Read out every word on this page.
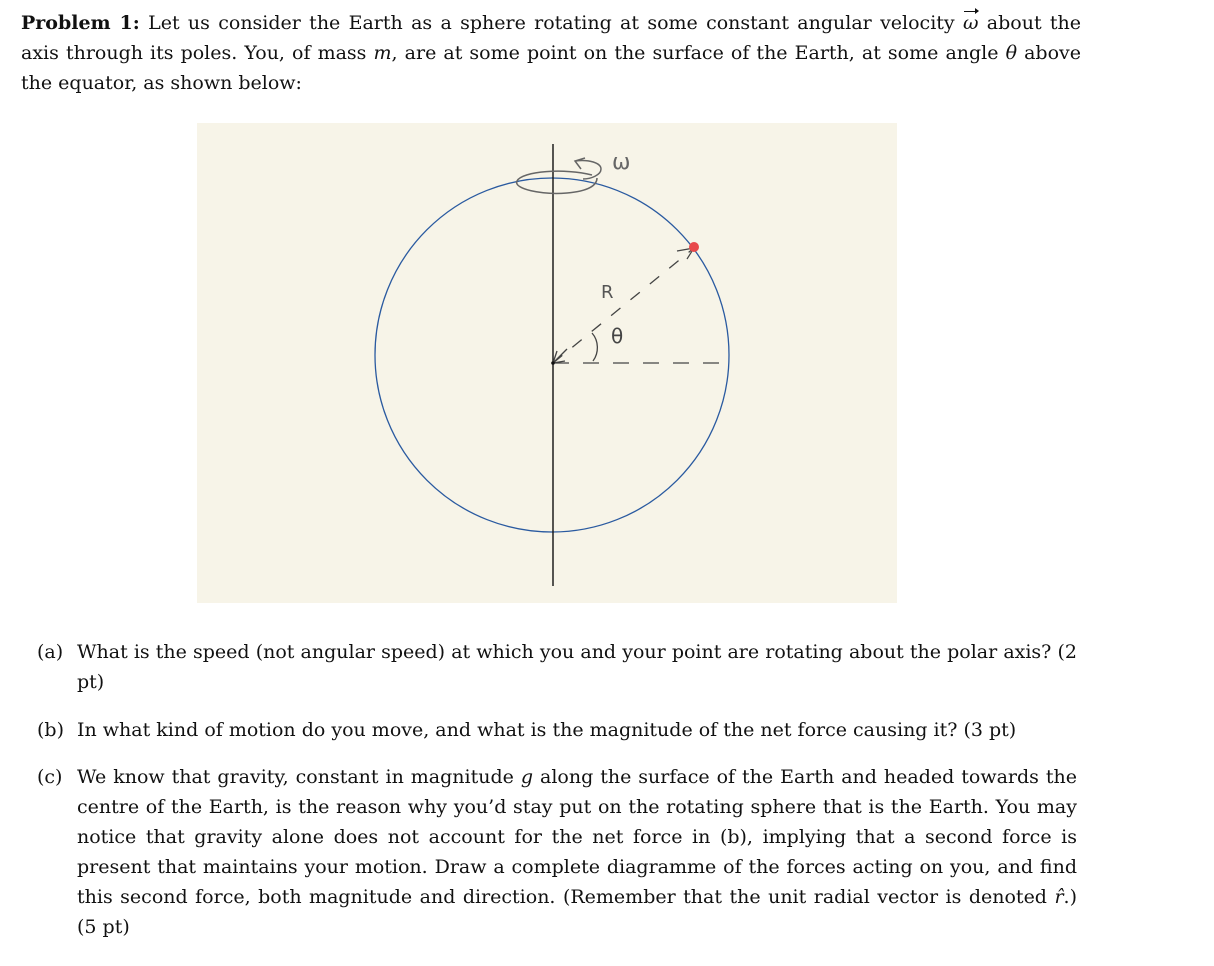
Problem 1: Let us consider the Earth as a sphere rotating at some constant angular velocity ω about the axis through its poles. You, of mass m, are at some point on the surface of the Earth, at some angle θ above the equator, as shown below:
ω
R
θ
(a) What is the speed (not angular speed) at which you and your point are rotating about the polar axis? (2 pt)
(b) In what kind of motion do you move, and what is the magnitude of the net force causing it? (3 pt)
(c) We know that gravity, constant in magnitude g along the surface of the Earth and headed towards the centre of the Earth, is the reason why you’d stay put on the rotating sphere that is the Earth. You may notice that gravity alone does not account for the net force in (b), implying that a second force is present that maintains your motion. Draw a complete diagramme of the forces acting on you, and find this second force, both magnitude and direction. (Remember that the unit radial vector is denoted r̂.) (5 pt)
